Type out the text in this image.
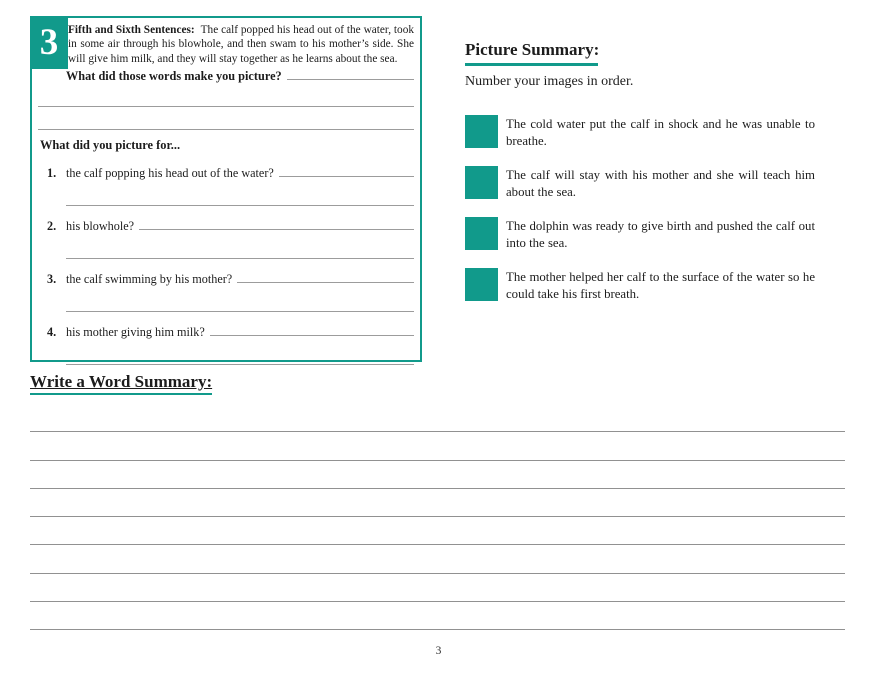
3 Fifth and Sixth Sentences: The calf popped his head out of the water, took in some air through his blowhole, and then swam to his mother’s side. She will give him milk, and they will stay together as he learns about the sea.

What did those words make you picture?
What did you picture for...
1. the calf popping his head out of the water?
2. his blowhole?
3. the calf swimming by his mother?
4. his mother giving him milk?
Picture Summary:
Number your images in order.
The cold water put the calf in shock and he was unable to breathe.
The calf will stay with his mother and she will teach him about the sea.
The dolphin was ready to give birth and pushed the calf out into the sea.
The mother helped her calf to the surface of the water so he could take his first breath.
Write a Word Summary:
3
